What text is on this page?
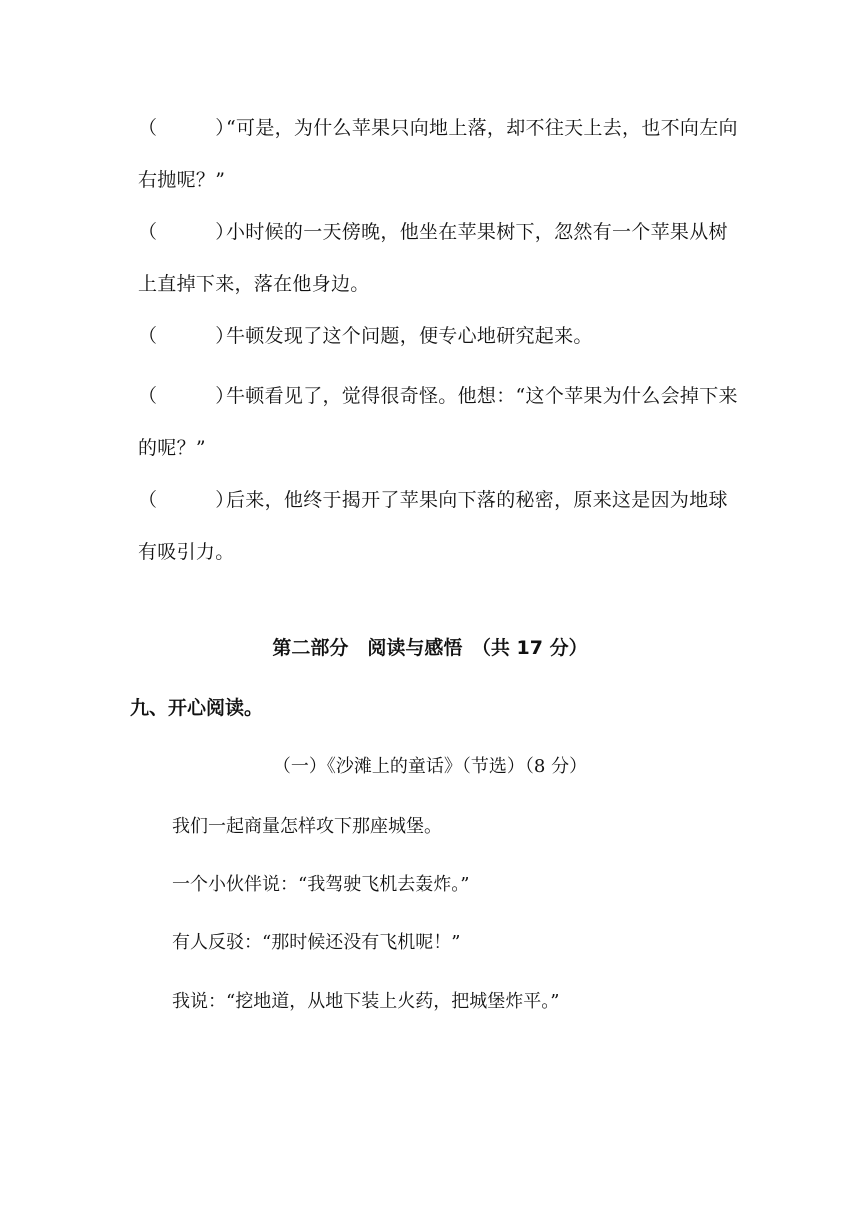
（　　　）“可是，为什么苹果只向地上落，却不往天上去，也不向左向右抛呢？”
（　　　）小时候的一天傍晚，他坐在苹果树下，忽然有一个苹果从树上直掉下来，落在他身边。
（　　　）牛顿发现了这个问题，便专心地研究起来。
（　　　）牛顿看见了，觉得很奇怪。他想：“这个苹果为什么会掉下来的呢？”
（　　　）后来，他终于揭开了苹果向下落的秘密，原来这是因为地球有吸引力。
第二部分　阅读与感悟　（共 17 分）
九、开心阅读。
（一）《沙滩上的童话》（节选）（8 分）
我们一起商量怎样攻下那座城堡。
一个小伙伴说：“我驾驶飞机去轰炸。”
有人反驳：“那时候还没有飞机呢！”
我说：“挖地道，从地下装上火药，把城堡炸平。”
